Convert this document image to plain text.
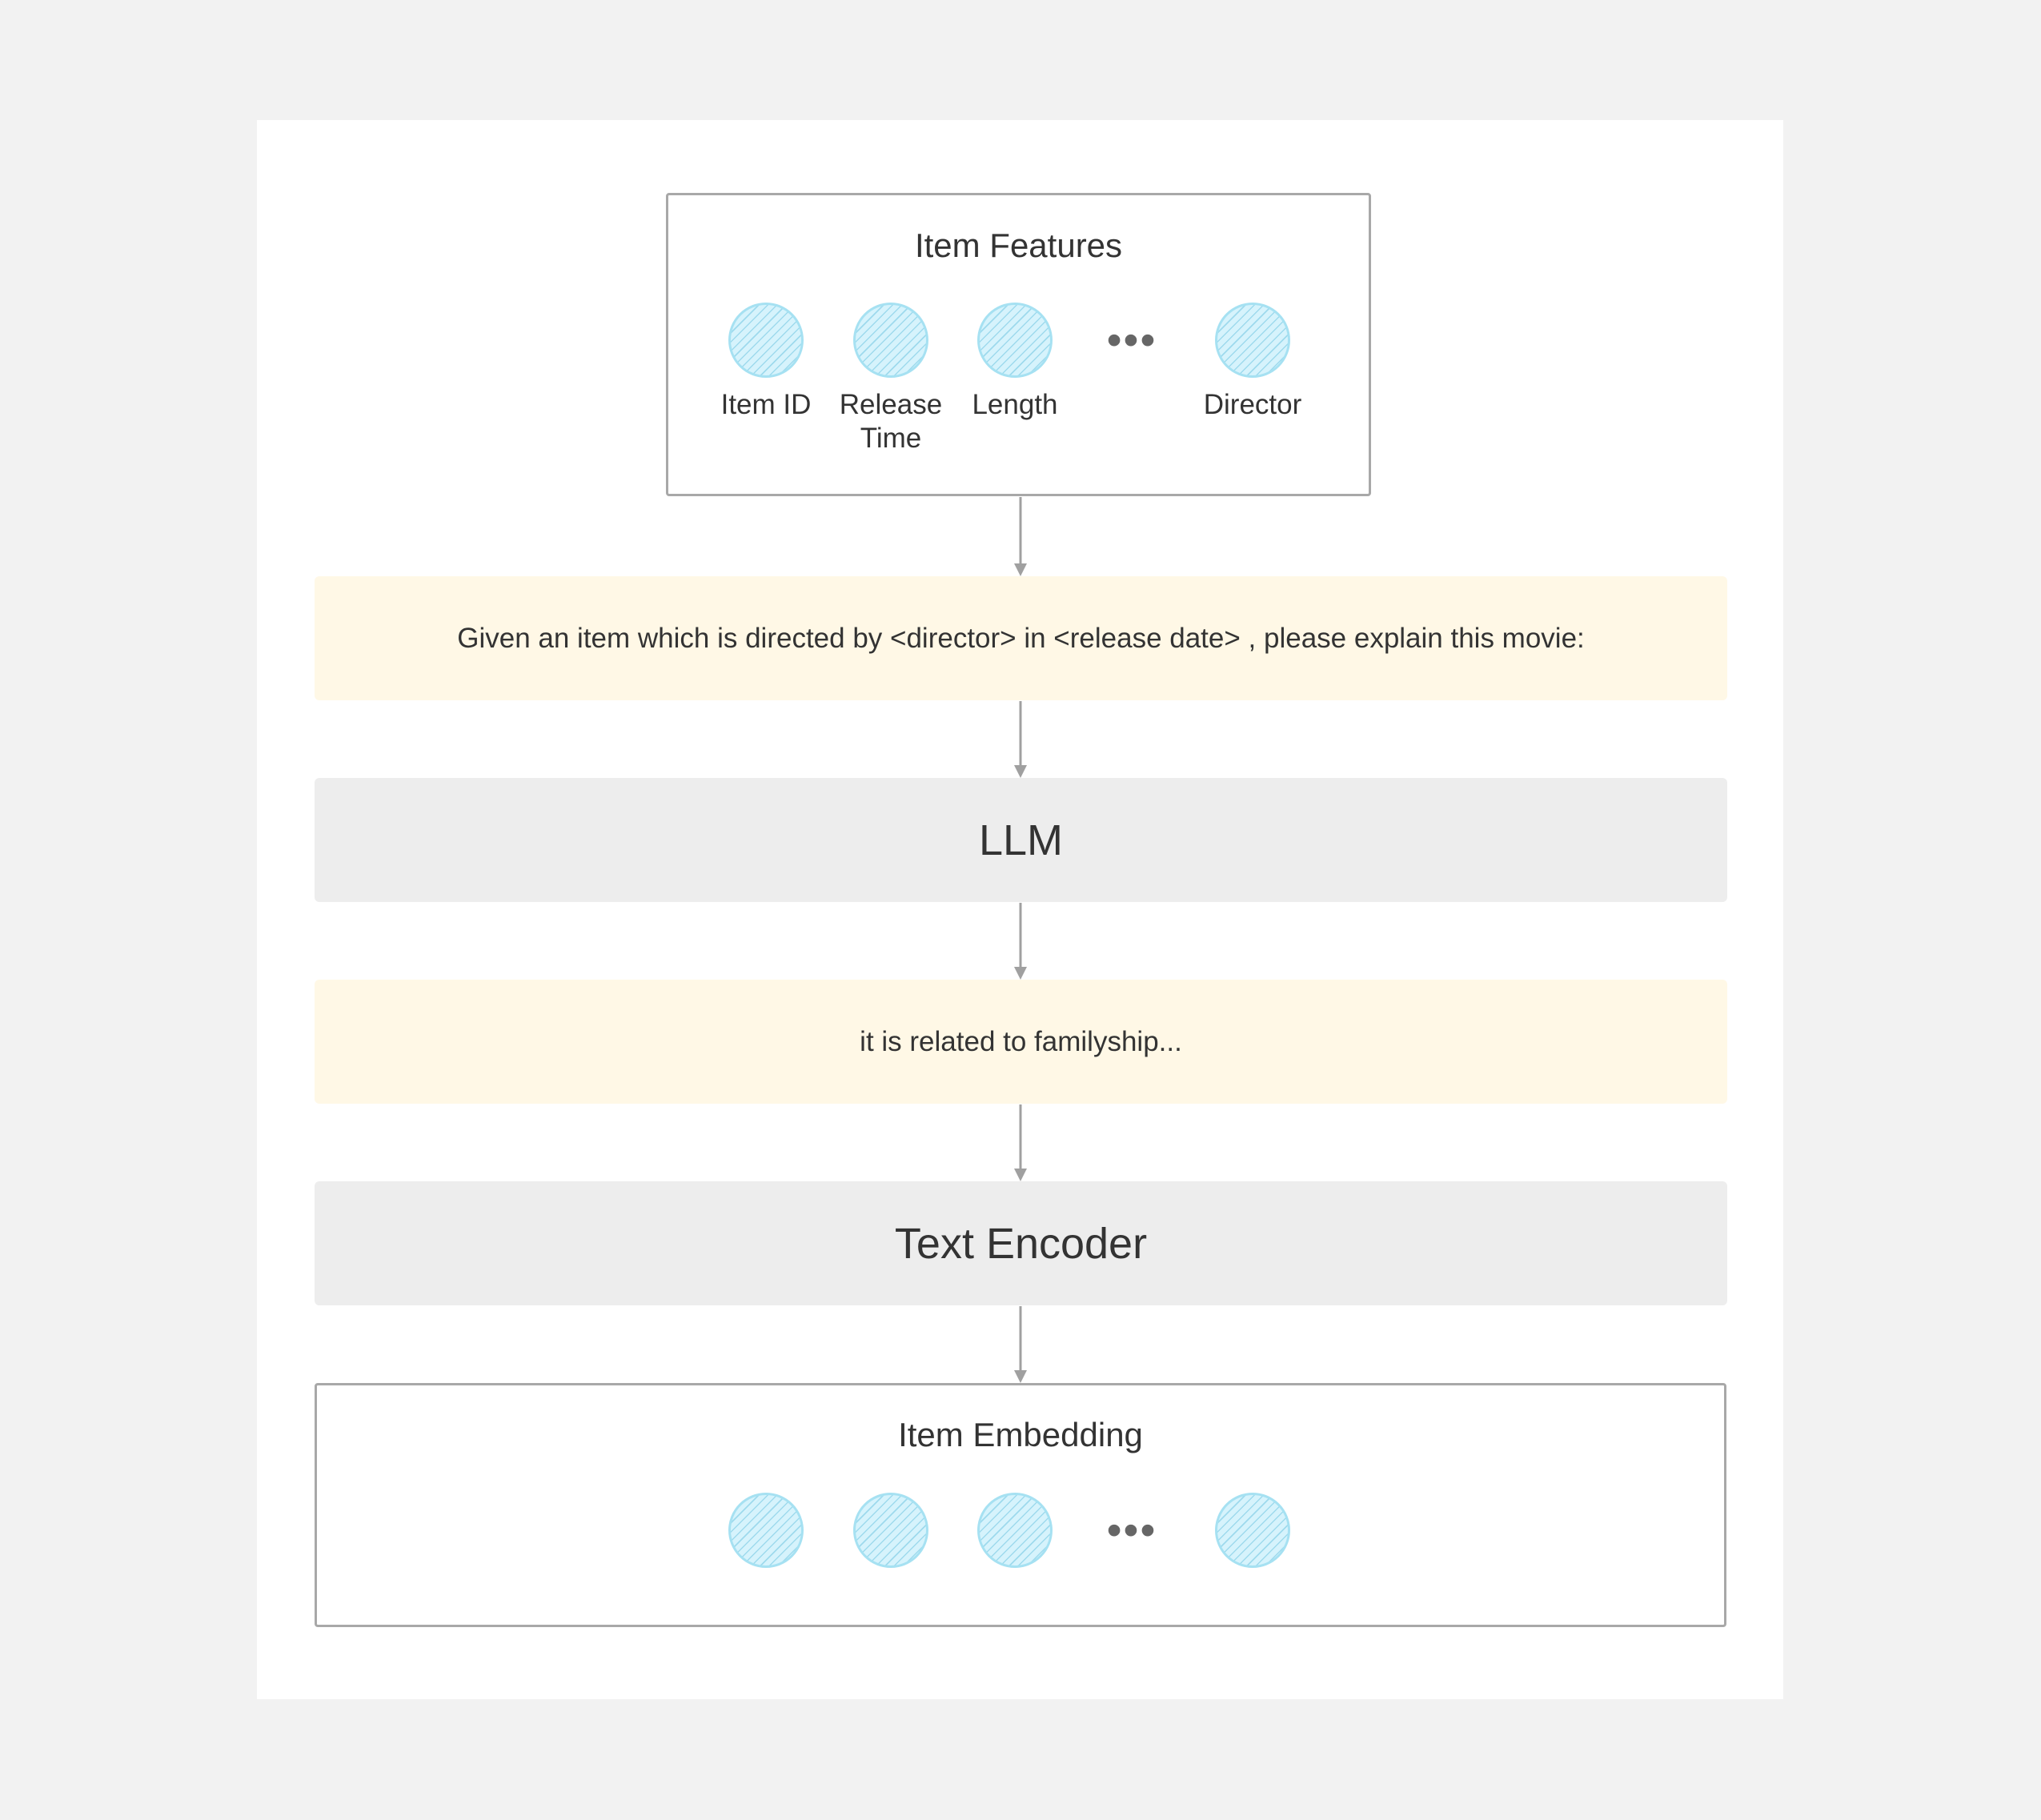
Item Features
•••
Item ID	Release
Time
Length	Director
Given an item which is directed by <director> in <release date> , please explain this movie:
LLM
it is related to familyship...
Text Encoder
Item Embedding
•••
